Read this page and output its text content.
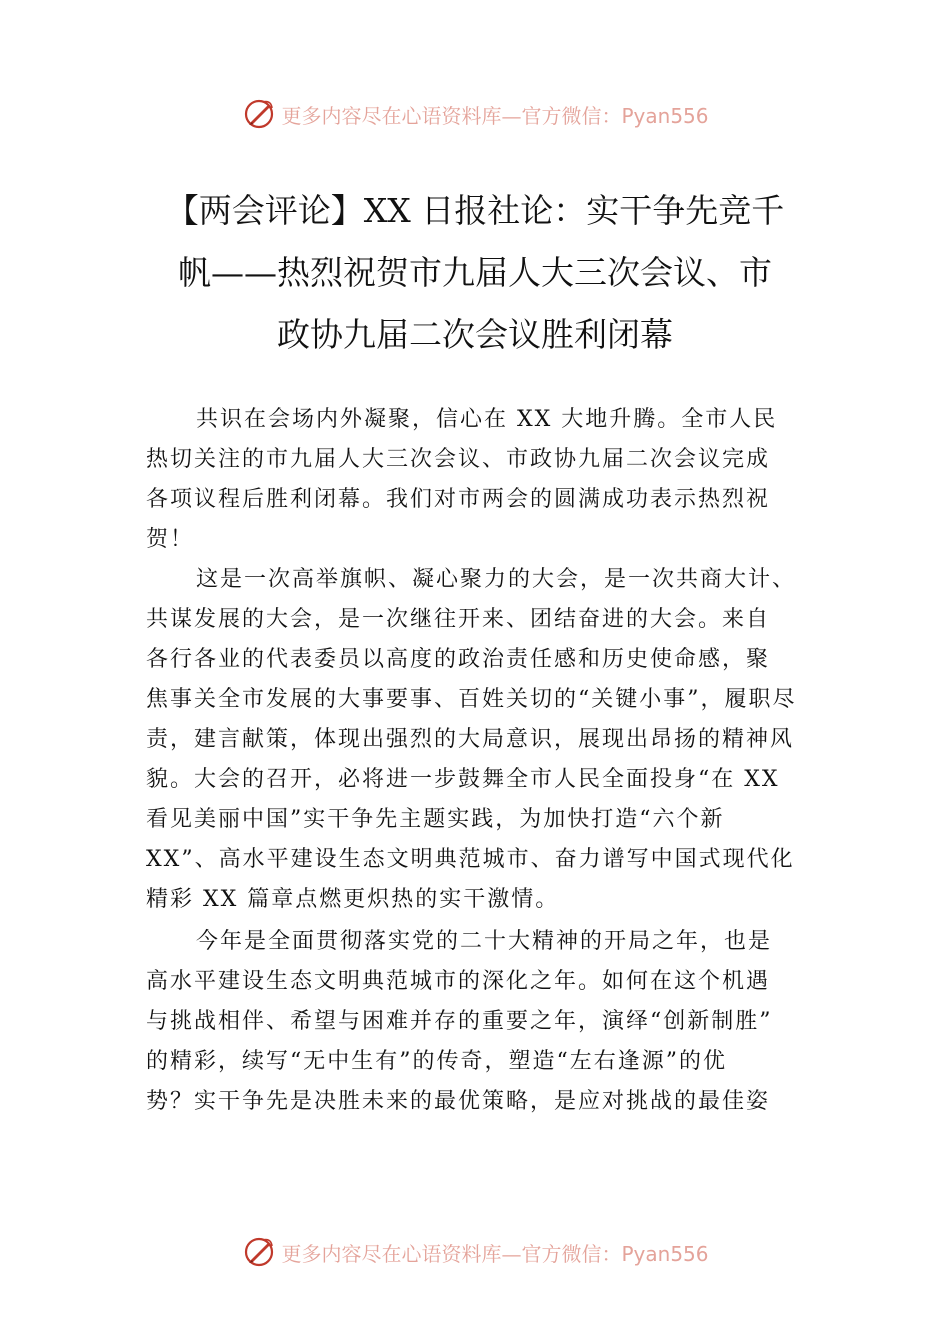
更多内容尽在心语资料库—官方微信：Pyan556
【两会评论】XX 日报社论：实干争先竞千
帆——热烈祝贺市九届人大三次会议、市
政协九届二次会议胜利闭幕
共识在会场内外凝聚，信心在 XX 大地升腾。全市人民
热切关注的市九届人大三次会议、市政协九届二次会议完成
各项议程后胜利闭幕。我们对市两会的圆满成功表示热烈祝
贺！
这是一次高举旗帜、凝心聚力的大会，是一次共商大计、
共谋发展的大会，是一次继往开来、团结奋进的大会。来自
各行各业的代表委员以高度的政治责任感和历史使命感，聚
焦事关全市发展的大事要事、百姓关切的“关键小事”，履职尽
责，建言献策，体现出强烈的大局意识，展现出昂扬的精神风
貌。大会的召开，必将进一步鼓舞全市人民全面投身“在 XX
看见美丽中国”实干争先主题实践，为加快打造“六个新
XX”、高水平建设生态文明典范城市、奋力谱写中国式现代化
精彩 XX 篇章点燃更炽热的实干激情。
今年是全面贯彻落实党的二十大精神的开局之年，也是
高水平建设生态文明典范城市的深化之年。如何在这个机遇
与挑战相伴、希望与困难并存的重要之年，演绎“创新制胜”
的精彩，续写“无中生有”的传奇，塑造“左右逢源”的优
势？实干争先是决胜未来的最优策略，是应对挑战的最佳姿
更多内容尽在心语资料库—官方微信：Pyan556
